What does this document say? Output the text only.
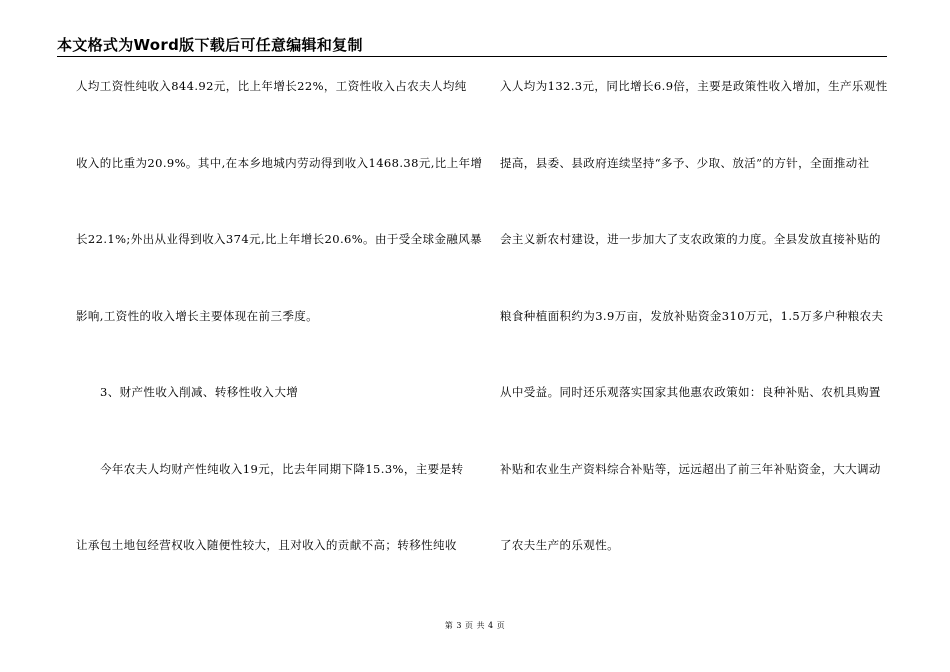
本文格式为Word版下载后可任意编辑和复制
人均工资性纯收入844.92元，比上年增长22%，工资性收入占农夫人均纯
收入的比重为20.9%。其中,在本乡地城内劳动得到收入1468.38元,比上年增
长22.1%;外出从业得到收入374元,比上年增长20.6%。由于受全球金融风暴
影响,工资性的收入增长主要体现在前三季度。
3、财产性收入削减、转移性收入大增
今年农夫人均财产性纯收入19元，比去年同期下降15.3%，主要是转
让承包土地包经营权收入随便性较大，且对收入的贡献不高；转移性纯收
入人均为132.3元，同比增长6.9倍，主要是政策性收入增加，生产乐观性
提高，县委、县政府连续坚持“多予、少取、放活”的方针，全面推动社
会主义新农村建设，进一步加大了支农政策的力度。全县发放直接补贴的
粮食种植面积约为3.9万亩，发放补贴资金310万元，1.5万多户种粮农夫
从中受益。同时还乐观落实国家其他惠农政策如：良种补贴、农机具购置
补贴和农业生产资料综合补贴等，远远超出了前三年补贴资金，大大调动
了农夫生产的乐观性。
第 3 页 共 4 页
